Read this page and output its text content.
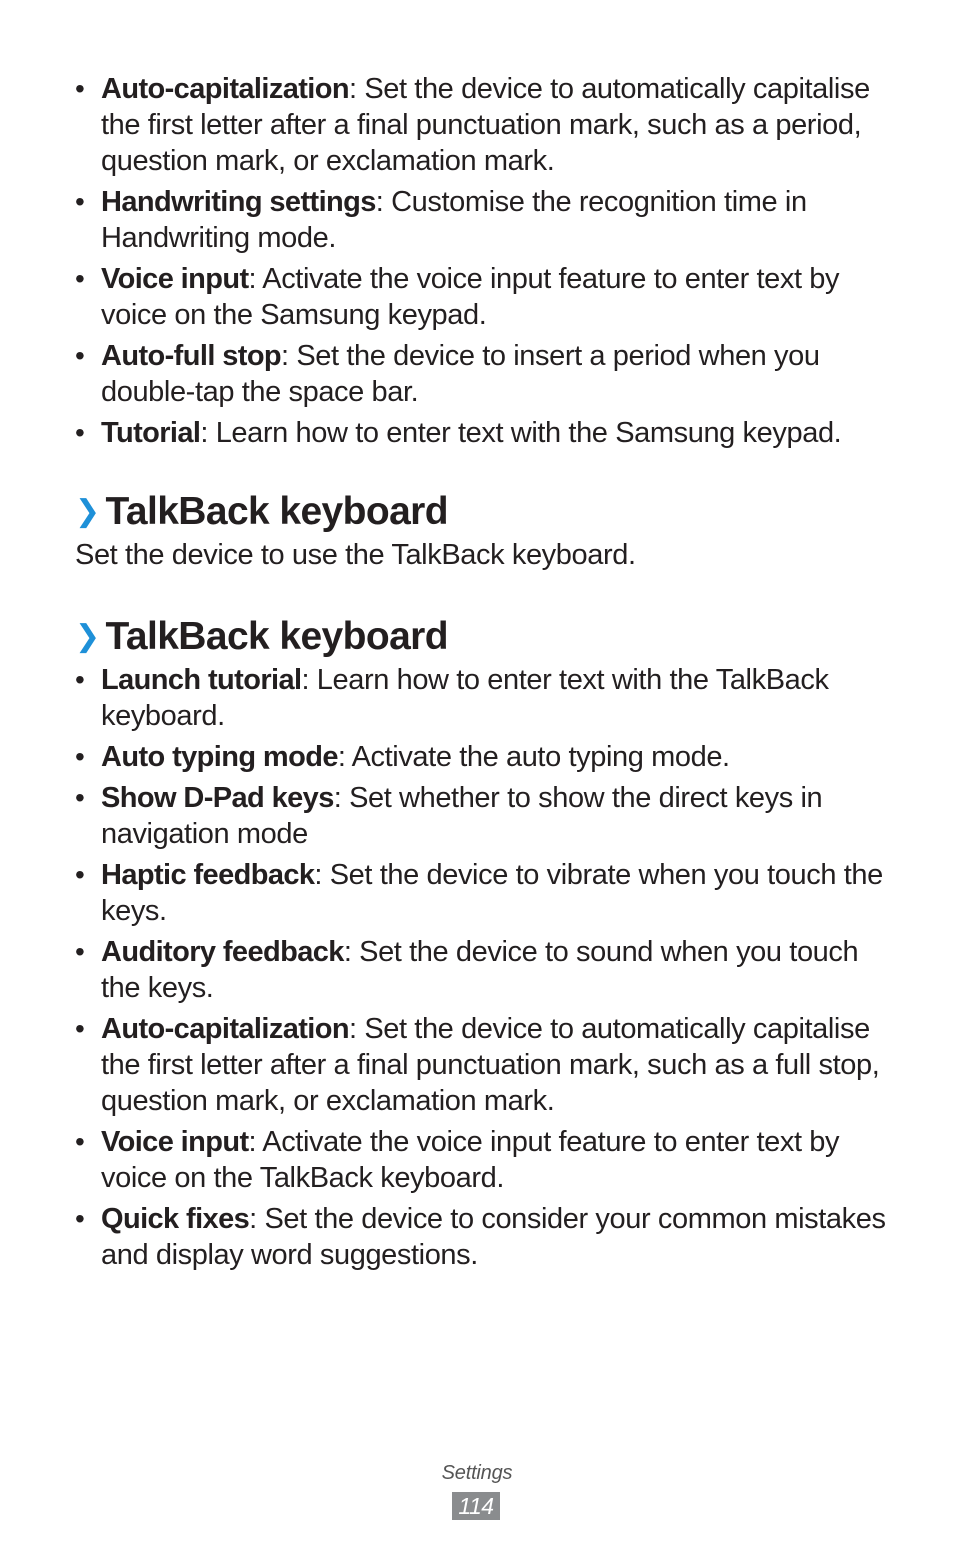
• Auto-capitalization: Set the device to automatically capitalise the first letter after a final punctuation mark, such as a period, question mark, or exclamation mark.
• Handwriting settings: Customise the recognition time in Handwriting mode.
• Voice input: Activate the voice input feature to enter text by voice on the Samsung keypad.
• Auto-full stop: Set the device to insert a period when you double-tap the space bar.
• Tutorial: Learn how to enter text with the Samsung keypad.
❯ TalkBack keyboard
Set the device to use the TalkBack keyboard.
❯ TalkBack keyboard
• Launch tutorial: Learn how to enter text with the TalkBack keyboard.
• Auto typing mode: Activate the auto typing mode.
• Show D-Pad keys: Set whether to show the direct keys in navigation mode
• Haptic feedback: Set the device to vibrate when you touch the keys.
• Auditory feedback: Set the device to sound when you touch the keys.
• Auto-capitalization: Set the device to automatically capitalise the first letter after a final punctuation mark, such as a full stop, question mark, or exclamation mark.
• Voice input: Activate the voice input feature to enter text by voice on the TalkBack keyboard.
• Quick fixes: Set the device to consider your common mistakes and display word suggestions.
Settings
114
